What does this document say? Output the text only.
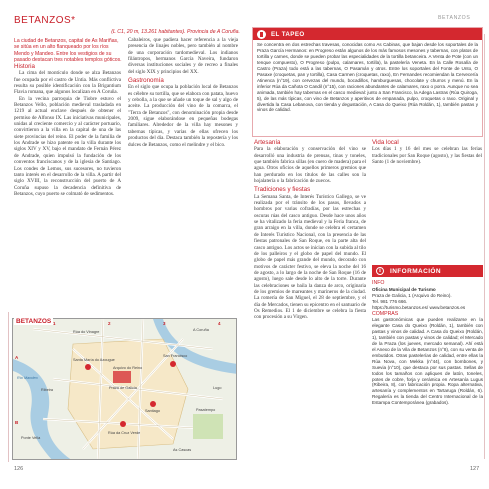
BETANZOS
BETANZOS*
(L C1, 20 m, 13.261 habitantes). Provincia de A Coruña.
La ciudad de Betanzos, capital de As Mariñas, se sitúa en un alto flanqueado por los ríos Mendo y Mandeo. Entre los vestigios de su pasado destacan tres notables templos góticos.
Historia

La cima del montículo donde se alza Betanzos fue ocupada por el castro de Untia. Más conflictiva resulta su posible identificación con la Brigantium Flavia romana, que algunos localizan en A Coruña.

En la vecina parroquia de Tiobre estuvo el Betanzos Vello, población medieval trasladada en 1219 al actual enclave después de obtener el permiso de Alfonso IX. Las iniciativas municipales, unidas al creciente comercio y al carácter portuario, convirtieron a la villa en la capital de una de las siete provincias del reino. El poder de la familia de los Andrade se hizo patente en la villa durante los siglos XIV y XV, bajo el mandato de Fernán Pérez de Andrade, quien impulsó la fundación de los conventos franciscanos y de la iglesia de Santiago. Los condes de Lemos, sus sucesores, no tuvieron tanto interés en el desarrollo de la villa. A partir del siglo XVIII, la reconstrucción del puerto de A Coruña supuso la decadencia definitiva de Betanzos, cuyo puerto se colmató de sedimentos.

Cabaleiros, que padiera hacer referencia a la vieja presencia de linajes nobles, pero también al nombre de una corporación tardomedieval. Los indianos filántropos, hermanos García Naveira, fundaron diversas instituciones sociales y de recreo a finales del siglo XIX y principios del XX.

Gastronomía

En el siglo que ocupa la población local de Betanzos es célebre su tortilla, que se elabora con patata, huevo y cebolla, a la que se añade un toque de sal y algo de aceite. La producción del vino de la comarca, el "Terra de Betanzos", con denominación propia desde 2009, sigue elaborándose en pequeñas bodegas familiares. Alrededor de la villa hay mesones y tabernas típicas, y varias de ellas ofrecen los productos del día. Destaca también la repostería y los dulces de Betanzos, como el melindre y el bico.

EL TAPEO
Se concentra en dos estrechas travesas, conocidas como As Cabinas, que bajan desde los soportales de la Praza García Hermanos: en Progreso están algunos de los más famosos mesones y tabernas, con platos de tortilla y carnes, donde se pueden probar las especialidades de la tortilla betanceira. A Venta de Pote (con un tenque compuesto), O Progreso (pulpo, calamares, tortilla), la pastelería Veneta. En la Calle Rosalía de Castro (Praza) todo está a las tabernas, O Pasamán y otros. Entre los soportales del Fonte de Unto, O Pasaxe (croquetas, pan y tortilla), Casa Carmen (croquetas, raxo), En Fernandes recomiendan la Cervecería Atinenca (n°19), con cervezas del mundo, bocadillos, hamburguesas, chocolate y churros y menú. En la inferior Rúa da Cañota O Candil (n°15), con raciones abundantes de calamares, raxo o porra. Aunque no sea animada, también hay tabernas en el casco medieval: junto a San Francisco, la Adega Lastras (Rúa Quiroga, 5), de las más típicas, con vino de Betanzos y aperitivos de empanada, pulpo, croquetas o raxo. Original y divertida la Casa Lebanova, con tienda y degustación, A Casa do Queixo (Rúa Roldán, 1), también pastas y vinos de calidad.
Artesanía

Para la elaboración y conservación del vino se desarrolló una industria de prensas, tinas y toneles, que también fabrica sillas (en cuero de madera) para el agua. Otros oficios de aquellos primeros gremios que han perdurado en los títulos de las calles son la hojalatería o la fabricación de zuecos.

Tradiciones y fiestas

La Semana Santa, de Interés Turístico Gallego, se ve realizada por el tránsito de los pasos, llevados a hombros por varias cofradías, por las estrechas y oscuras rúas del casco antiguo. Desde hace unos años se ha vitalizado la feria medieval y la Feria franca, de gran arraigo en la villa, donde se celebra el certamen de Interés Turístico Nacional, con la presencia de las fiestas patronales de San Roque, en la parte alta del casco antiguo. Los actos se inician con la subida al tilo de los palleiros y el globo de papel del mundo. El globo de papel más grande del mundo, decorado con motivos de carácter festivo, se eleva la noche del 16 de agosto, a lo largo de la noche de San Roque (16 de agosto), luego sale desde lo alto de la torre. Durante las celebraciones se baila la danza de arco, originaria de los gremios de mareantes y marineros de la ciudad. La romería de San Miguel, el 28 de septiembre, y el día de Mercados, tienen su epicentro en el santuario de Os Remedios. El 1 de diciembre se celebra la fiesta con procesión a su Virgen.

Vida local

Los días 1 y 16 del mes se celebran las ferias tradicionales por San Roque (agosto), y las fiestas del Santo (1 de noviembre).

i	INFORMACIÓN
INFO
Oficina Municipal de Turismo
Praza de Galicia, 1 (Arquivo do Reino).
Tel. 981 776 666.
https://turismo.betanzos.es/ www.betanzos.es
COMPRAS
Las gastronómicas que pueden realizarse en la elegante Casa do Queixo (Roldán, 1), también con pastas y vinos de calidad. A Casa do Queixo (Roldán, 1), también con pastas y vinos de calidad; el Mercado de la Praza (los jueves, mercado semanal). Ahí está el Anexo de la Vila de Betanzos (n°8), con su venta de embutidos. Otras pastelerías de calidad, entre ellas la Rúa Nova, con Mekka (n°44), con bombones, y Suevia (n°10), que destaca por sus pastas. Sellas de todos los tamaños con apliques de latón, toneles, potes de cobre, forja y cerámica en Artesanía Lugus (Ribeira, 8), con fabricación propia. Ropa alternativa, artesanía y complementos en Tartaruga (Roldán, 6). Regalería es la tienda del Centro Internacional de la Estampa Contemporánea (grabados).
BETANZOS
Rúa do Vinagre	A Coruña
Ribeira
Ponte Vella
San Francisco
Santa María do Azougue
Praza de Galicia
Santiago
Rúa da Cruz Verde
Arquivo do Reino
Pasatempo
As Cascas
Lugo
Río Mandeo
A
B
1	2	3	4
126	127
